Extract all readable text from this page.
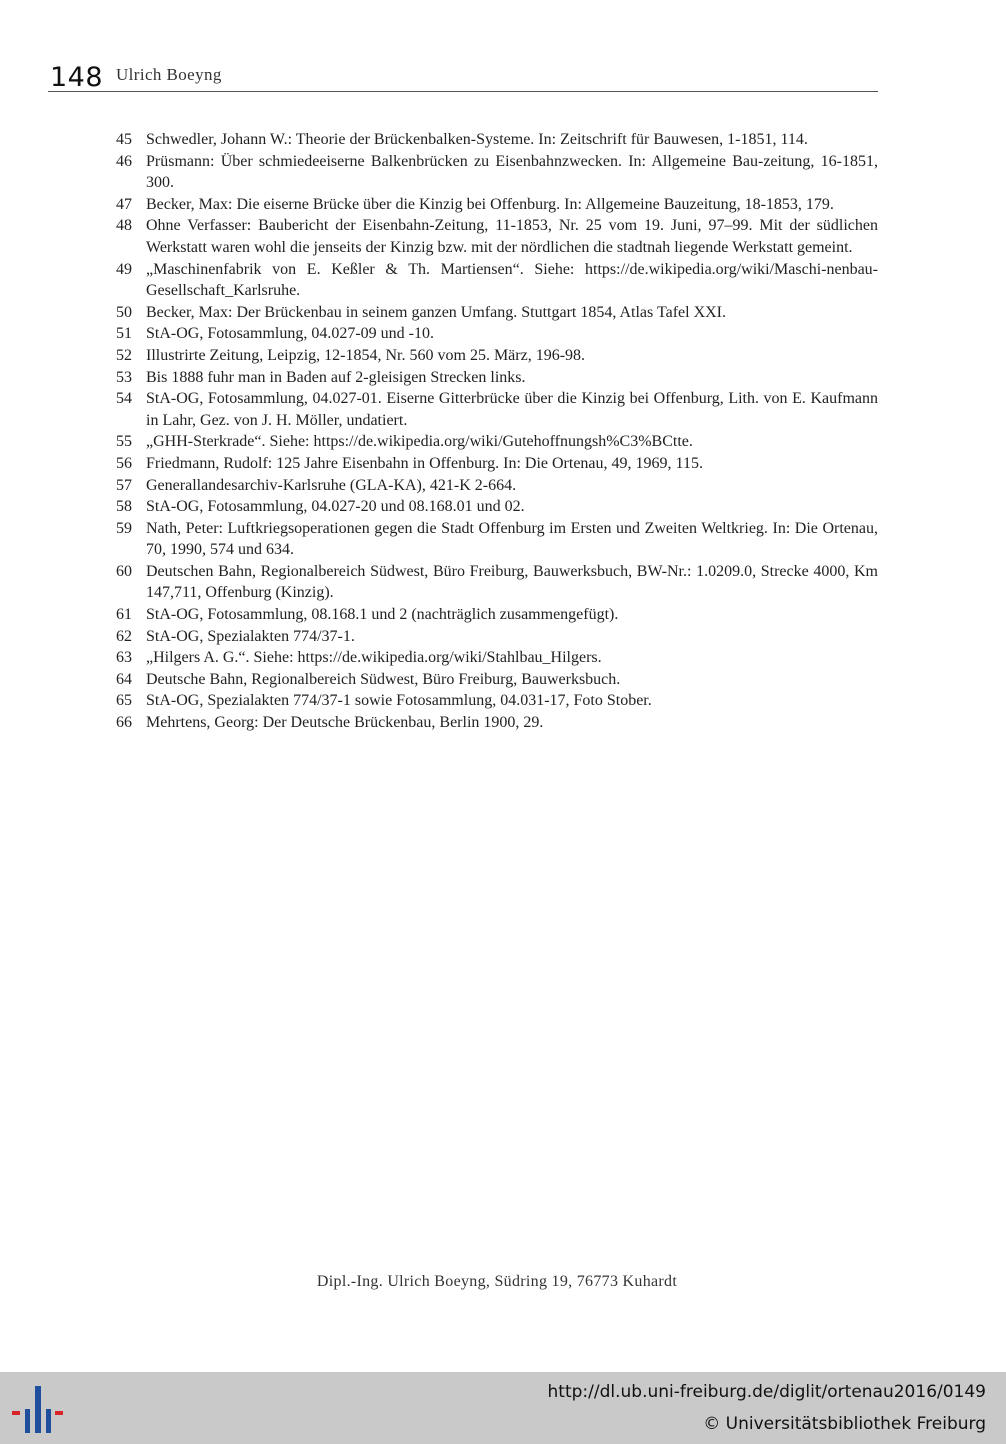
148 Ulrich Boeyng
45 Schwedler, Johann W.: Theorie der Brückenbalken-Systeme. In: Zeitschrift für Bauwesen, 1-1851, 114.
46 Prüsmann: Über schmiedeeiserne Balkenbrücken zu Eisenbahnzwecken. In: Allgemeine Bau-zeitung, 16-1851, 300.
47 Becker, Max: Die eiserne Brücke über die Kinzig bei Offenburg. In: Allgemeine Bauzeitung, 18-1853, 179.
48 Ohne Verfasser: Baubericht der Eisenbahn-Zeitung, 11-1853, Nr. 25 vom 19. Juni, 97–99. Mit der südlichen Werkstatt waren wohl die jenseits der Kinzig bzw. mit der nördlichen die stadtnah liegende Werkstatt gemeint.
49 „Maschinenfabrik von E. Keßler & Th. Martiensen“. Siehe: https://de.wikipedia.org/wiki/Maschi-nenbau-Gesellschaft_Karlsruhe.
50 Becker, Max: Der Brückenbau in seinem ganzen Umfang. Stuttgart 1854, Atlas Tafel XXI.
51 StA-OG, Fotosammlung, 04.027-09 und -10.
52 Illustrirte Zeitung, Leipzig, 12-1854, Nr. 560 vom 25. März, 196-98.
53 Bis 1888 fuhr man in Baden auf 2-gleisigen Strecken links.
54 StA-OG, Fotosammlung, 04.027-01. Eiserne Gitterbrücke über die Kinzig bei Offenburg, Lith. von E. Kaufmann in Lahr, Gez. von J. H. Möller, undatiert.
55 „GHH-Sterkrade“. Siehe: https://de.wikipedia.org/wiki/Gutehoffnungsh%C3%BCtte.
56 Friedmann, Rudolf: 125 Jahre Eisenbahn in Offenburg. In: Die Ortenau, 49, 1969, 115.
57 Generallandesarchiv-Karlsruhe (GLA-KA), 421-K 2-664.
58 StA-OG, Fotosammlung, 04.027-20 und 08.168.01 und 02.
59 Nath, Peter: Luftkriegsoperationen gegen die Stadt Offenburg im Ersten und Zweiten Weltkrieg. In: Die Ortenau, 70, 1990, 574 und 634.
60 Deutschen Bahn, Regionalbereich Südwest, Büro Freiburg, Bauwerksbuch, BW-Nr.: 1.0209.0, Strecke 4000, Km 147,711, Offenburg (Kinzig).
61 StA-OG, Fotosammlung, 08.168.1 und 2 (nachträglich zusammengefügt).
62 StA-OG, Spezialakten 774/37-1.
63 „Hilgers A. G.“. Siehe: https://de.wikipedia.org/wiki/Stahlbau_Hilgers.
64 Deutsche Bahn, Regionalbereich Südwest, Büro Freiburg, Bauwerksbuch.
65 StA-OG, Spezialakten 774/37-1 sowie Fotosammlung, 04.031-17, Foto Stober.
66 Mehrtens, Georg: Der Deutsche Brückenbau, Berlin 1900, 29.
Dipl.-Ing. Ulrich Boeyng, Südring 19, 76773 Kuhardt
http://dl.ub.uni-freiburg.de/diglit/ortenau2016/0149
© Universitätsbibliothek Freiburg
